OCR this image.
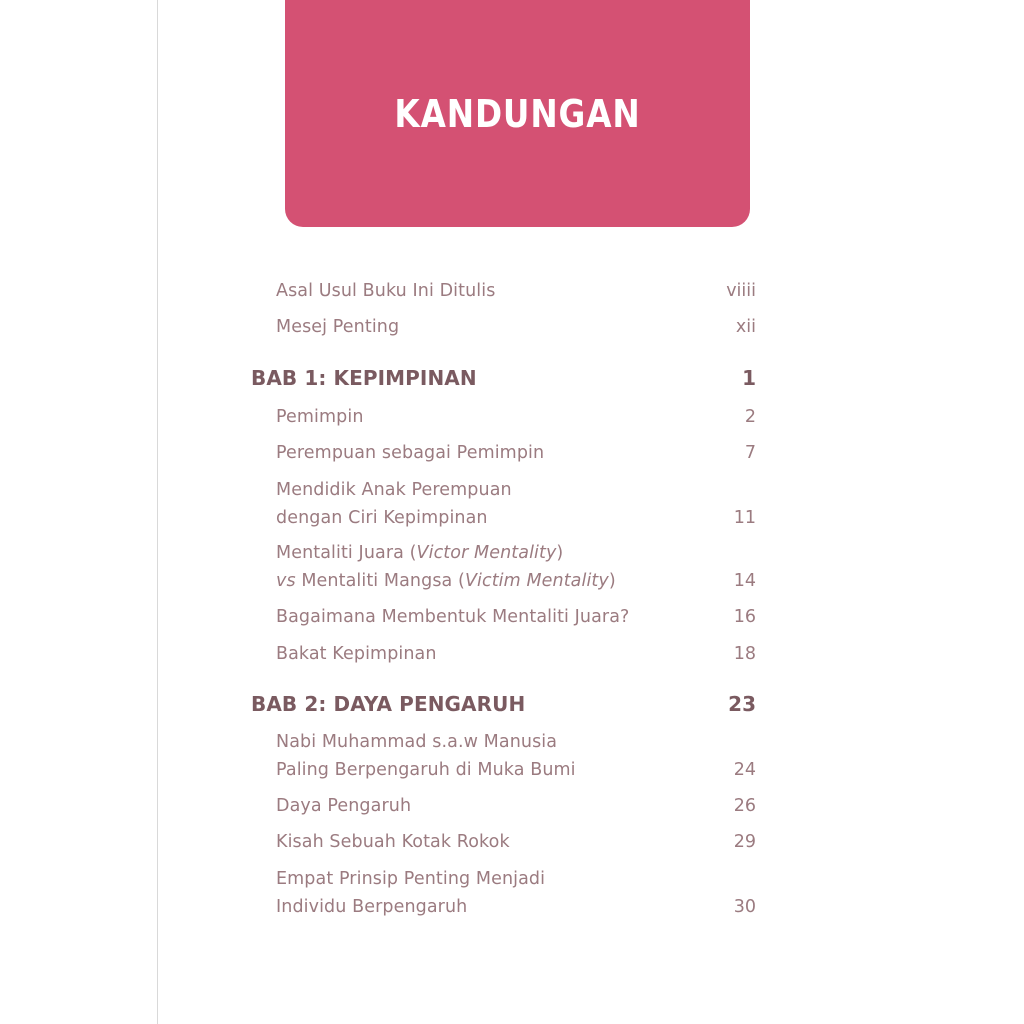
KANDUNGAN
Asal Usul Buku Ini Ditulis	viiii
Mesej Penting	xii
BAB 1: KEPIMPINAN	1
Pemimpin	2
Perempuan sebagai Pemimpin	7
Mendidik Anak Perempuan
dengan Ciri Kepimpinan	11
Mentaliti Juara (Victor Mentality)
vs Mentaliti Mangsa (Victim Mentality)	14
Bagaimana Membentuk Mentaliti Juara?	16
Bakat Kepimpinan	18
BAB 2: DAYA PENGARUH	23
Nabi Muhammad s.a.w Manusia
Paling Berpengaruh di Muka Bumi	24
Daya Pengaruh	26
Kisah Sebuah Kotak Rokok	29
Empat Prinsip Penting Menjadi
Individu Berpengaruh	30
